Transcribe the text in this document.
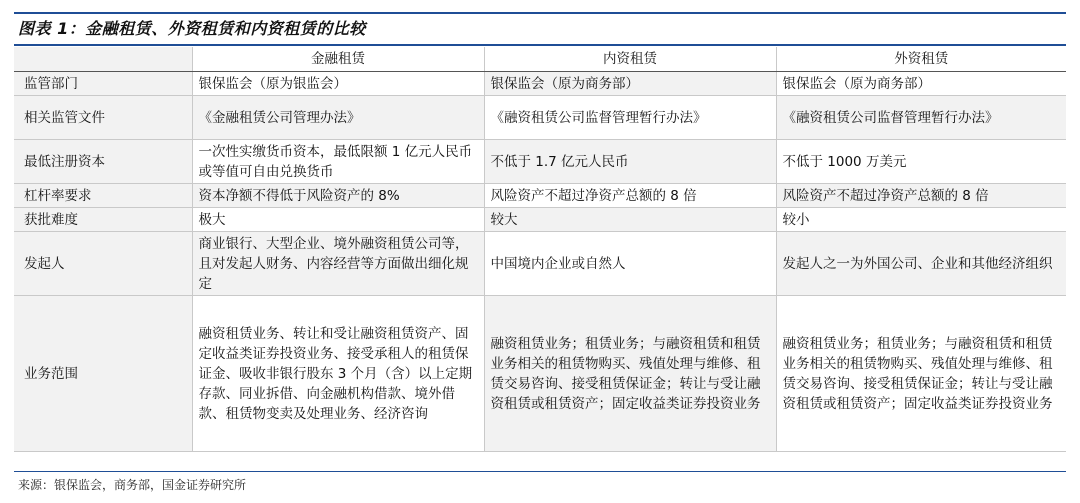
图表 1：金融租赁、外资租赁和内资租赁的比较
	金融租赁	内资租赁	外资租赁
监管部门	银保监会（原为银监会）	银保监会（原为商务部）	银保监会（原为商务部）
相关监管文件	《金融租赁公司管理办法》	《融资租赁公司监督管理暂行办法》	《融资租赁公司监督管理暂行办法》
最低注册资本	一次性实缴货币资本，最低限额 1 亿元人民币或等值可自由兑换货币	不低于 1.7 亿元人民币	不低于 1000 万美元
杠杆率要求	资本净额不得低于风险资产的 8%	风险资产不超过净资产总额的 8 倍	风险资产不超过净资产总额的 8 倍
获批难度	极大	较大	较小
发起人	商业银行、大型企业、境外融资租赁公司等，且对发起人财务、内容经营等方面做出细化规定	中国境内企业或自然人	发起人之一为外国公司、企业和其他经济组织
业务范围	融资租赁业务、转让和受让融资租赁资产、固定收益类证券投资业务、接受承租人的租赁保证金、吸收非银行股东 3 个月（含）以上定期存款、同业拆借、向金融机构借款、境外借款、租赁物变卖及处理业务、经济咨询	融资租赁业务；租赁业务；与融资租赁和租赁业务相关的租赁物购买、残值处理与维修、租赁交易咨询、接受租赁保证金；转让与受让融资租赁或租赁资产；固定收益类证券投资业务	融资租赁业务；租赁业务；与融资租赁和租赁业务相关的租赁物购买、残值处理与维修、租赁交易咨询、接受租赁保证金；转让与受让融资租赁或租赁资产；固定收益类证券投资业务
来源：银保监会，商务部，国金证券研究所
